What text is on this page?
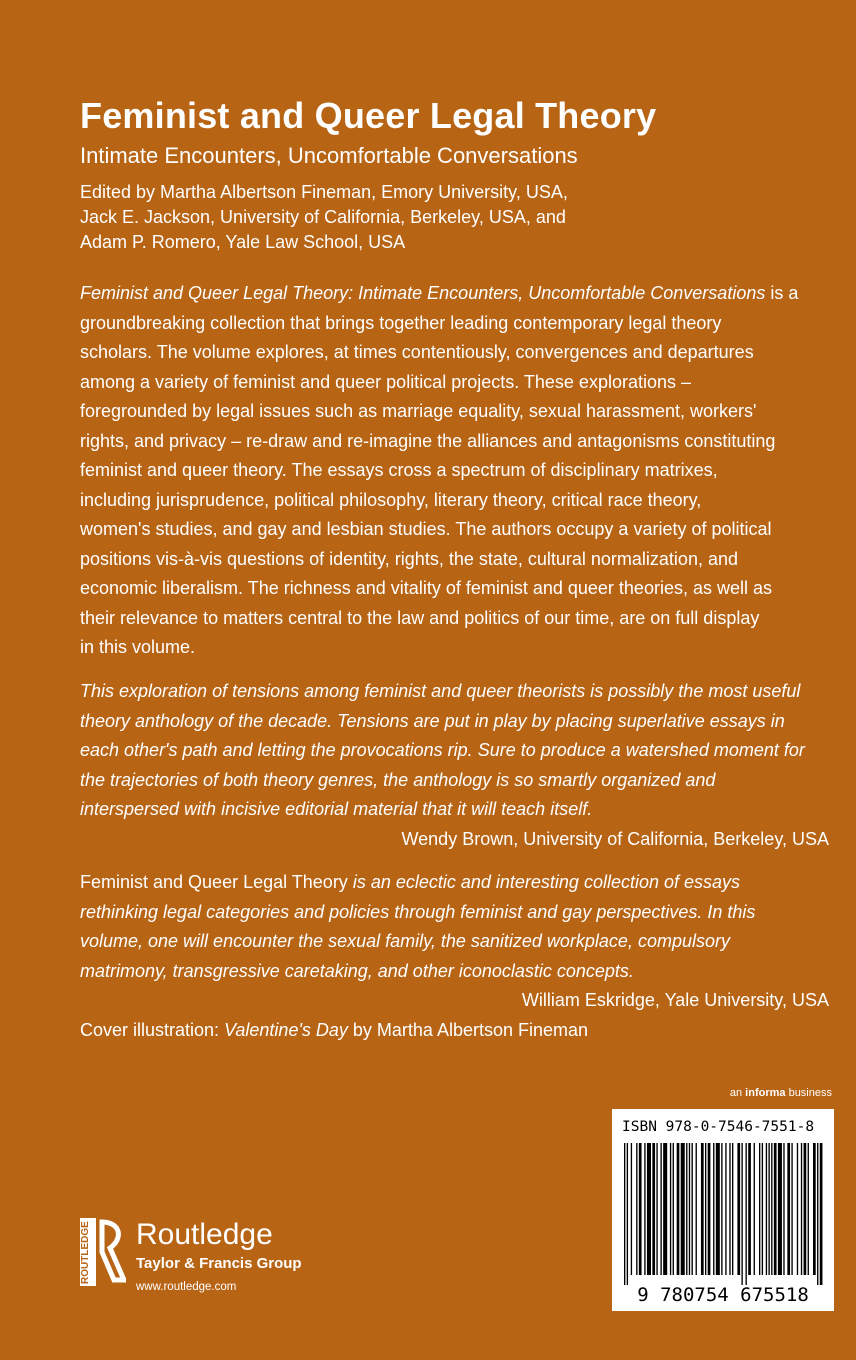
Feminist and Queer Legal Theory
Intimate Encounters, Uncomfortable Conversations
Edited by Martha Albertson Fineman, Emory University, USA,
Jack E. Jackson, University of California, Berkeley, USA, and
Adam P. Romero, Yale Law School, USA
Feminist and Queer Legal Theory: Intimate Encounters, Uncomfortable Conversations is a
groundbreaking collection that brings together leading contemporary legal theory
scholars. The volume explores, at times contentiously, convergences and departures
among a variety of feminist and queer political projects. These explorations –
foregrounded by legal issues such as marriage equality, sexual harassment, workers'
rights, and privacy – re-draw and re-imagine the alliances and antagonisms constituting
feminist and queer theory. The essays cross a spectrum of disciplinary matrixes,
including jurisprudence, political philosophy, literary theory, critical race theory,
women's studies, and gay and lesbian studies. The authors occupy a variety of political
positions vis-à-vis questions of identity, rights, the state, cultural normalization, and
economic liberalism. The richness and vitality of feminist and queer theories, as well as
their relevance to matters central to the law and politics of our time, are on full display
in this volume.
This exploration of tensions among feminist and queer theorists is possibly the most useful
theory anthology of the decade. Tensions are put in play by placing superlative essays in
each other's path and letting the provocations rip. Sure to produce a watershed moment for
the trajectories of both theory genres, the anthology is so smartly organized and
interspersed with incisive editorial material that it will teach itself.
Wendy Brown, University of California, Berkeley, USA
Feminist and Queer Legal Theory is an eclectic and interesting collection of essays
rethinking legal categories and policies through feminist and gay perspectives. In this
volume, one will encounter the sexual family, the sanitized workplace, compulsory
matrimony, transgressive caretaking, and other iconoclastic concepts.
William Eskridge, Yale University, USA
Cover illustration: Valentine's Day by Martha Albertson Fineman
an informa business
ISBN 978-0-7546-7551-8
9 780754 675518
ROUTLEDGE Routledge
Taylor & Francis Group
www.routledge.com
